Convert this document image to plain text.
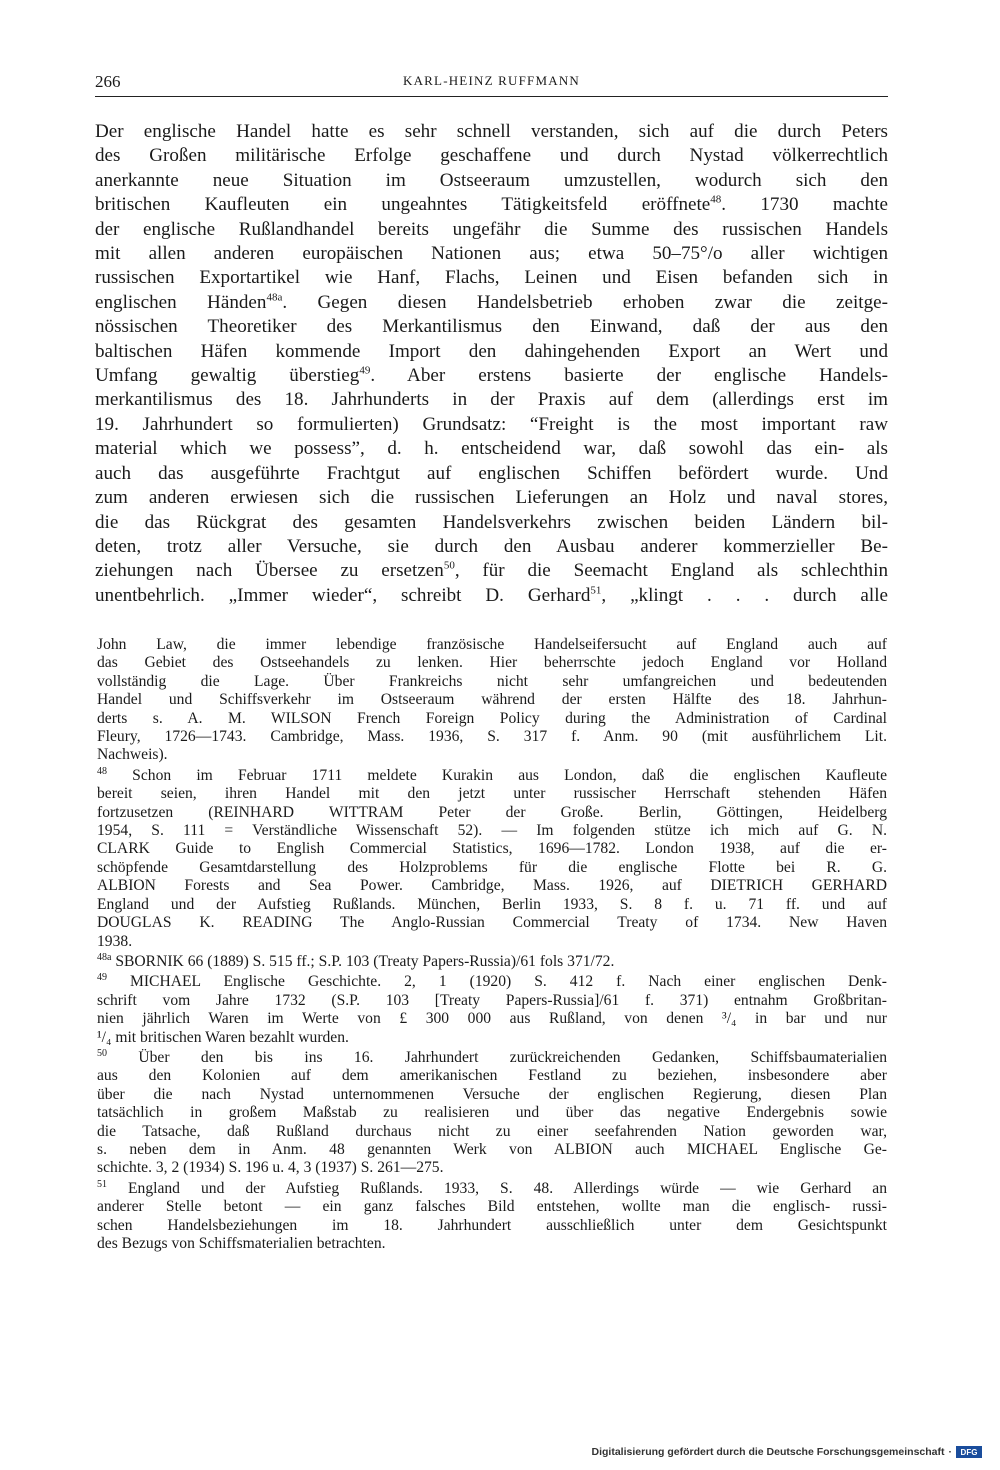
266	KARL-HEINZ RUFFMANN
Der englische Handel hatte es sehr schnell verstanden, sich auf die durch Peters
des Großen militärische Erfolge geschaffene und durch Nystad völkerrechtlich
anerkannte neue Situation im Ostseeraum umzustellen, wodurch sich den
britischen Kaufleuten ein ungeahntes Tätigkeitsfeld eröffnete$^{48}$. 1730 machte
der englische Rußlandhandel bereits ungefähr die Summe des russischen Handels
mit allen anderen europäischen Nationen aus; etwa 50–75°/o aller wichtigen
russischen Exportartikel wie Hanf, Flachs, Leinen und Eisen befanden sich in
englischen Händen$^{48a}$. Gegen diesen Handelsbetrieb erhoben zwar die zeitge-
nössischen Theoretiker des Merkantilismus den Einwand, daß der aus den
baltischen Häfen kommende Import den dahingehenden Export an Wert und
Umfang gewaltig überstieg$^{49}$. Aber erstens basierte der englische Handels-
merkantilismus des 18. Jahrhunderts in der Praxis auf dem (allerdings erst im
19. Jahrhundert so formulierten) Grundsatz: “Freight is the most important raw
material which we possess”, d. h. entscheidend war, daß sowohl das ein- als
auch das ausgeführte Frachtgut auf englischen Schiffen befördert wurde. Und
zum anderen erwiesen sich die russischen Lieferungen an Holz und naval stores,
die das Rückgrat des gesamten Handelsverkehrs zwischen beiden Ländern bil-
deten, trotz aller Versuche, sie durch den Ausbau anderer kommerzieller Be-
ziehungen nach Übersee zu ersetzen$^{50}$, für die Seemacht England als schlechthin
unentbehrlich. „Immer wieder“, schreibt D. Gerhard$^{51}$, „klingt . . . durch alle
John Law, die immer lebendige französische Handelseifersucht auf England auch auf
das Gebiet des Ostseehandels zu lenken. Hier beherrschte jedoch England vor Holland
vollständig die Lage. Über Frankreichs nicht sehr umfangreichen und bedeutenden
Handel und Schiffsverkehr im Ostseeraum während der ersten Hälfte des 18. Jahrhun-
derts s. A. M. WILSON French Foreign Policy during the Administration of Cardinal
Fleury, 1726—1743. Cambridge, Mass. 1936, S. 317 f. Anm. 90 (mit ausführlichem Lit.
Nachweis).
$^{48}$ Schon im Februar 1711 meldete Kurakin aus London, daß die englischen Kaufleute
bereit seien, ihren Handel mit den jetzt unter russischer Herrschaft stehenden Häfen
fortzusetzen (REINHARD WITTRAM Peter der Große. Berlin, Göttingen, Heidelberg
1954, S. 111 = Verständliche Wissenschaft 52). — Im folgenden stütze ich mich auf G. N.
CLARK Guide to English Commercial Statistics, 1696—1782. London 1938, auf die er-
schöpfende Gesamtdarstellung des Holzproblems für die englische Flotte bei R. G.
ALBION Forests and Sea Power. Cambridge, Mass. 1926, auf DIETRICH GERHARD
England und der Aufstieg Rußlands. München, Berlin 1933, S. 8 f. u. 71 ff. und auf
DOUGLAS K. READING The Anglo-Russian Commercial Treaty of 1734. New Haven
1938.
$^{48a}$ SBORNIK 66 (1889) S. 515 ff.; S.P. 103 (Treaty Papers-Russia)/61 fols 371/72.
$^{49}$ MICHAEL Englische Geschichte. 2, 1 (1920) S. 412 f. Nach einer englischen Denk-
schrift vom Jahre 1732 (S.P. 103 [Treaty Papers-Russia]/61 f. 371) entnahm Großbritan-
nien jährlich Waren im Werte von £ 300 000 aus Rußland, von denen ³/₄ in bar und nur
¹/₄ mit britischen Waren bezahlt wurden.
$^{50}$ Über den bis ins 16. Jahrhundert zurückreichenden Gedanken, Schiffsbaumaterialien
aus den Kolonien auf dem amerikanischen Festland zu beziehen, insbesondere aber
über die nach Nystad unternommenen Versuche der englischen Regierung, diesen Plan
tatsächlich in großem Maßstab zu realisieren und über das negative Endergebnis sowie
die Tatsache, daß Rußland durchaus nicht zu einer seefahrenden Nation geworden war,
s. neben dem in Anm. 48 genannten Werk von ALBION auch MICHAEL Englische Ge-
schichte. 3, 2 (1934) S. 196 u. 4, 3 (1937) S. 261—275.
$^{51}$ England und der Aufstieg Rußlands. 1933, S. 48. Allerdings würde — wie Gerhard an
anderer Stelle betont — ein ganz falsches Bild entstehen, wollte man die englisch- russi-
schen Handelsbeziehungen im 18. Jahrhundert ausschließlich unter dem Gesichtspunkt
des Bezugs von Schiffsmaterialien betrachten.
Digitalisierung gefördert durch die Deutsche Forschungsgemeinschaft ·	DFG
